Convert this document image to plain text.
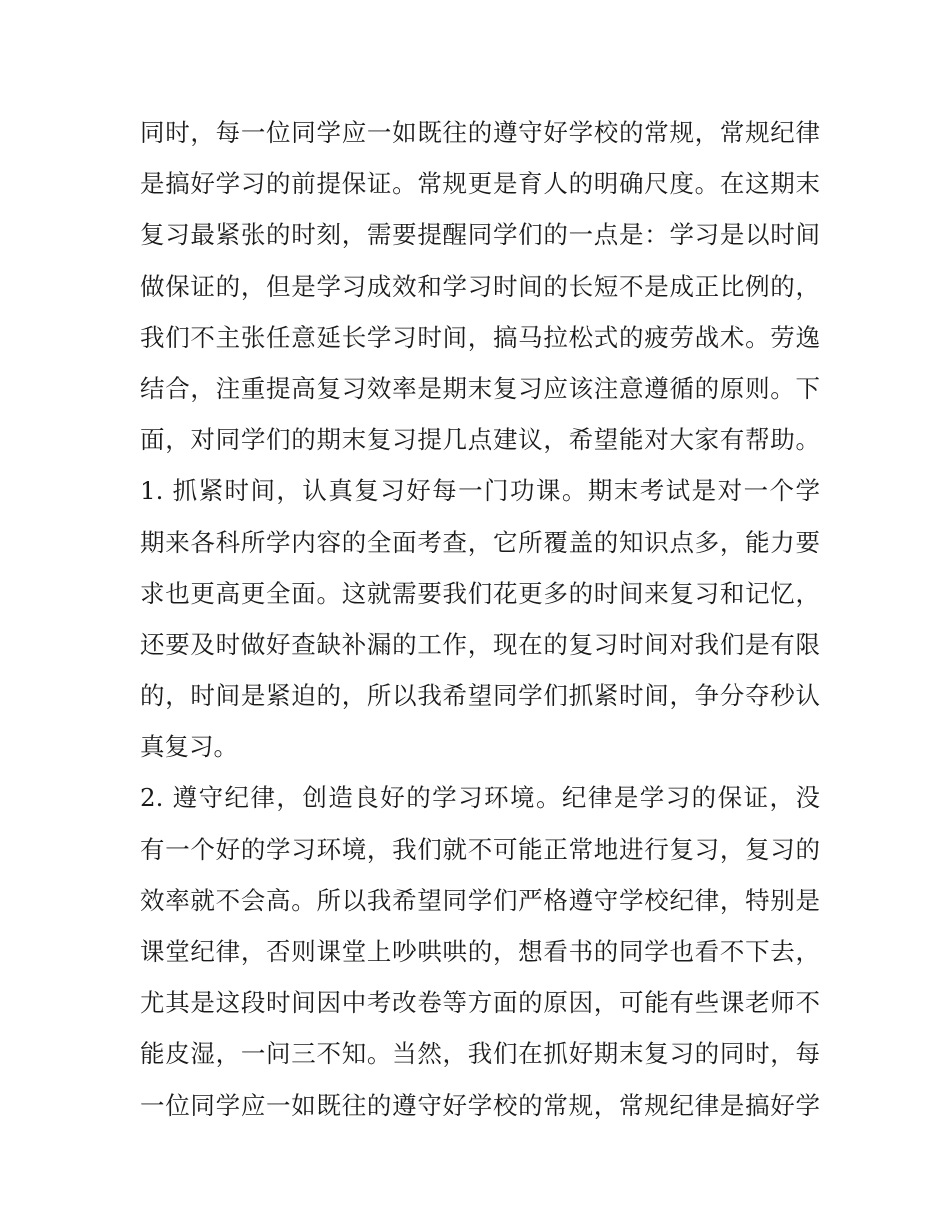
同时，每一位同学应一如既往的遵守好学校的常规，常规纪律
是搞好学习的前提保证。常规更是育人的明确尺度。在这期末
复习最紧张的时刻，需要提醒同学们的一点是：学习是以时间
做保证的，但是学习成效和学习时间的长短不是成正比例的，
我们不主张任意延长学习时间，搞马拉松式的疲劳战术。劳逸
结合，注重提高复习效率是期末复习应该注意遵循的原则。下
面，对同学们的期末复习提几点建议，希望能对大家有帮助。
1. 抓紧时间，认真复习好每一门功课。期末考试是对一个学
期来各科所学内容的全面考查，它所覆盖的知识点多，能力要
求也更高更全面。这就需要我们花更多的时间来复习和记忆，
还要及时做好查缺补漏的工作，现在的复习时间对我们是有限
的，时间是紧迫的，所以我希望同学们抓紧时间，争分夺秒认
真复习。
2. 遵守纪律，创造良好的学习环境。纪律是学习的保证，没
有一个好的学习环境，我们就不可能正常地进行复习，复习的
效率就不会高。所以我希望同学们严格遵守学校纪律，特别是
课堂纪律，否则课堂上吵哄哄的，想看书的同学也看不下去，
尤其是这段时间因中考改卷等方面的原因，可能有些课老师不
能皮湿，一问三不知。当然，我们在抓好期末复习的同时，每
一位同学应一如既往的遵守好学校的常规，常规纪律是搞好学
